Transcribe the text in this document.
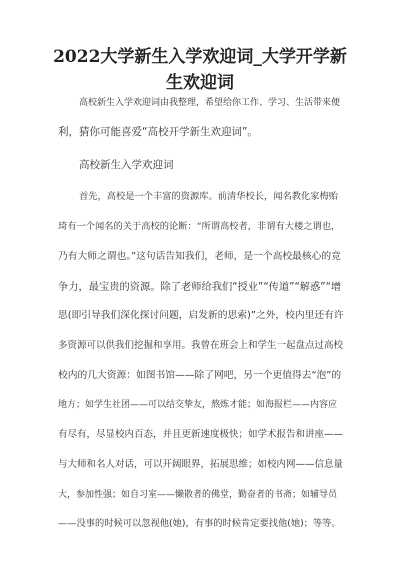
2022大学新生入学欢迎词_大学开学新生欢迎词
高校新生入学欢迎词由我整理，希望给你工作、学习、生活带来便
利，猜你可能喜爱“高校开学新生欢迎词”。
高校新生入学欢迎词
首先，高校是一个丰富的资源库。前清华校长，闻名教化家梅贻
琦有一个闻名的关于高校的论断：“所谓高校者，非谓有大楼之谓也，
乃有大师之谓也。”这句话告知我们，老师，是一个高校最核心的竞
争力，最宝贵的资源。除了老师给我们“授业”“传道”“解惑”“增
思(即引导我们深化探讨问题，启发新的思索)”之外，校内里还有许
多资源可以供我们挖掘和享用。我曾在班会上和学生一起盘点过高校
校内的几大资源：如图书馆——除了网吧，另一个更值得去“泡”的
地方；如学生社团——可以结交挚友，熬炼才能；如海报栏——内容应
有尽有，尽显校内百态，并且更新速度极快；如学术报告和讲座——
与大师和名人对话，可以开阔眼界，拓展思维；如校内网——信息量
大，参加性强；如自习室——懒散者的佛堂，勤奋者的书斋；如辅导员
——没事的时候可以忽视他(她)，有事的时候肯定要找他(她)；等等。
